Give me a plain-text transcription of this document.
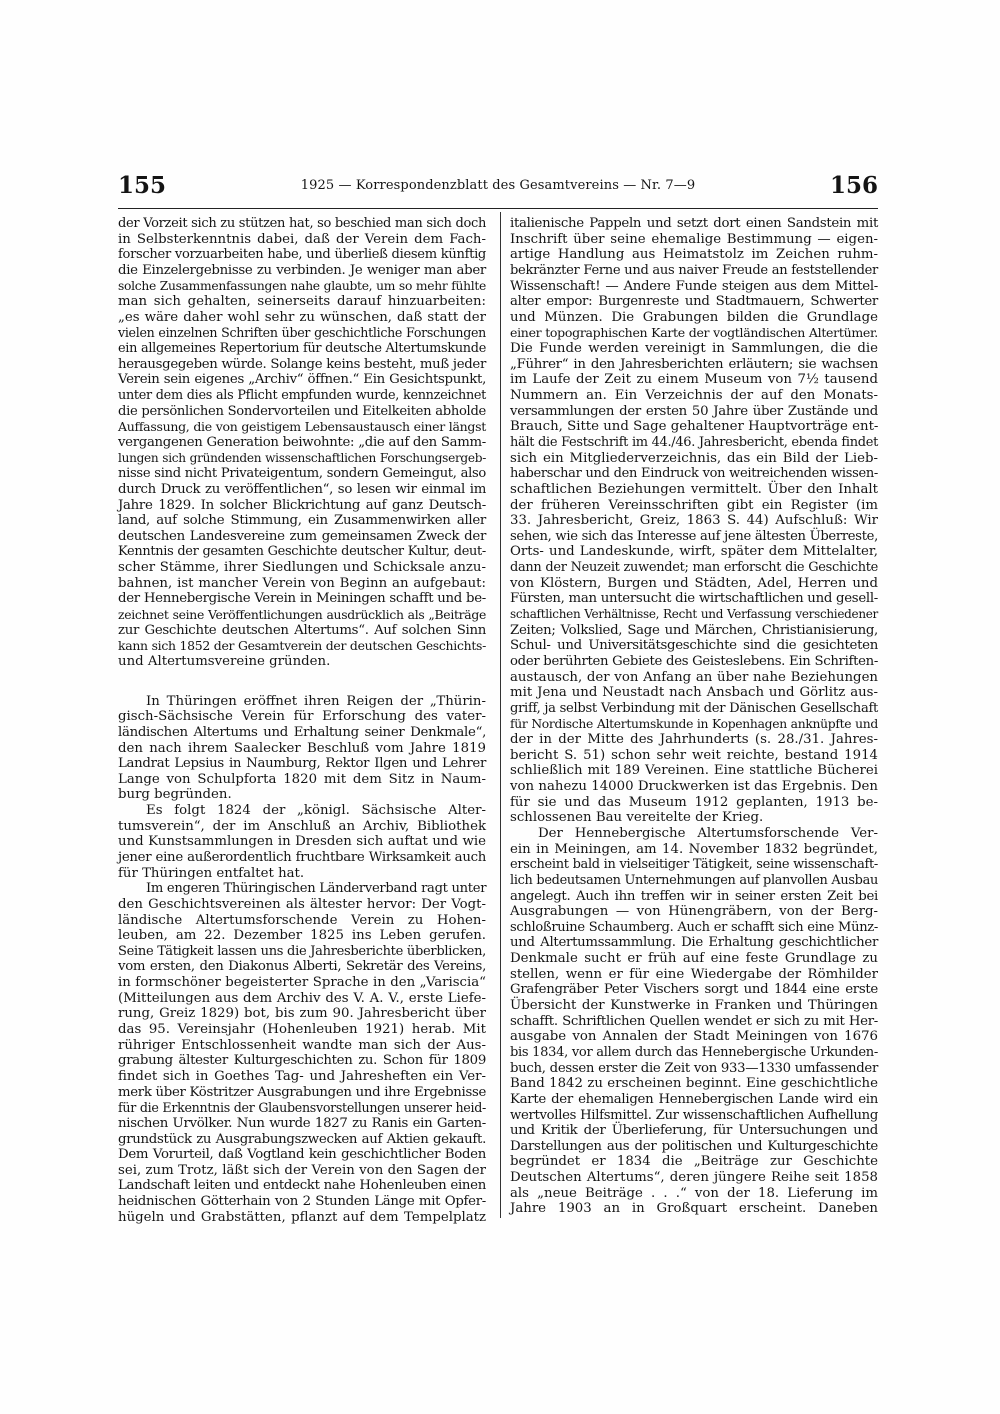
155	1925 — Korrespondenzblatt des Gesamtvereins — Nr. 7—9	156
der Vorzeit sich zu stützen hat, so beschied man sich doch
in Selbsterkenntnis dabei, daß der Verein dem Fach-
forscher vorzuarbeiten habe, und überließ diesem künftig
die Einzelergebnisse zu verbinden. Je weniger man aber
solche Zusammenfassungen nahe glaubte, um so mehr fühlte
man sich gehalten, seinerseits darauf hinzuarbeiten:
„es wäre daher wohl sehr zu wünschen, daß statt der
vielen einzelnen Schriften über geschichtliche Forschungen
ein allgemeines Repertorium für deutsche Altertumskunde
herausgegeben würde. Solange keins besteht, muß jeder
Verein sein eigenes „Archiv“ öffnen.“ Ein Gesichtspunkt,
unter dem dies als Pflicht empfunden wurde, kennzeichnet
die persönlichen Sondervorteilen und Eitelkeiten abholde
Auffassung, die von geistigem Lebensaustausch einer längst
vergangenen Generation beiwohnte: „die auf den Samm-
lungen sich gründenden wissenschaftlichen Forschungsergeb-
nisse sind nicht Privateigentum, sondern Gemeingut, also
durch Druck zu veröffentlichen“, so lesen wir einmal im
Jahre 1829. In solcher Blickrichtung auf ganz Deutsch-
land, auf solche Stimmung, ein Zusammenwirken aller
deutschen Landesvereine zum gemeinsamen Zweck der
Kenntnis der gesamten Geschichte deutscher Kultur, deut-
scher Stämme, ihrer Siedlungen und Schicksale anzu-
bahnen, ist mancher Verein von Beginn an aufgebaut:
der Hennebergische Verein in Meiningen schafft und be-
zeichnet seine Veröffentlichungen ausdrücklich als „Beiträge
zur Geschichte deutschen Altertums“. Auf solchen Sinn
kann sich 1852 der Gesamtverein der deutschen Geschichts-
und Altertumsvereine gründen.
In Thüringen eröffnet ihren Reigen der „Thürin-
gisch-Sächsische Verein für Erforschung des vater-
ländischen Altertums und Erhaltung seiner Denkmale“,
den nach ihrem Saalecker Beschluß vom Jahre 1819
Landrat Lepsius in Naumburg, Rektor Ilgen und Lehrer
Lange von Schulpforta 1820 mit dem Sitz in Naum-
burg begründen.
Es folgt 1824 der „königl. Sächsische Alter-
tumsverein“, der im Anschluß an Archiv, Bibliothek
und Kunstsammlungen in Dresden sich auftat und wie
jener eine außerordentlich fruchtbare Wirksamkeit auch
für Thüringen entfaltet hat.
Im engeren Thüringischen Länderverband ragt unter
den Geschichtsvereinen als ältester hervor: Der Vogt-
ländische Altertumsforschende Verein zu Hohen-
leuben, am 22. Dezember 1825 ins Leben gerufen.
Seine Tätigkeit lassen uns die Jahresberichte überblicken,
vom ersten, den Diakonus Alberti, Sekretär des Vereins,
in formschöner begeisterter Sprache in den „Variscia“
(Mitteilungen aus dem Archiv des V. A. V., erste Liefe-
rung, Greiz 1829) bot, bis zum 90. Jahresbericht über
das 95. Vereinsjahr (Hohenleuben 1921) herab. Mit
rühriger Entschlossenheit wandte man sich der Aus-
grabung ältester Kulturgeschichten zu. Schon für 1809
findet sich in Goethes Tag- und Jahresheften ein Ver-
merk über Köstritzer Ausgrabungen und ihre Ergebnisse
für die Erkenntnis der Glaubensvorstellungen unserer heid-
nischen Urvölker. Nun wurde 1827 zu Ranis ein Garten-
grundstück zu Ausgrabungszwecken auf Aktien gekauft.
Dem Vorurteil, daß Vogtland kein geschichtlicher Boden
sei, zum Trotz, läßt sich der Verein von den Sagen der
Landschaft leiten und entdeckt nahe Hohenleuben einen
heidnischen Götterhain von 2 Stunden Länge mit Opfer-
hügeln und Grabstätten, pflanzt auf dem Tempelplatz
italienische Pappeln und setzt dort einen Sandstein mit
Inschrift über seine ehemalige Bestimmung — eigen-
artige Handlung aus Heimatstolz im Zeichen ruhm-
bekränzter Ferne und aus naiver Freude an feststellender
Wissenschaft! — Andere Funde steigen aus dem Mittel-
alter empor: Burgenreste und Stadtmauern, Schwerter
und Münzen. Die Grabungen bilden die Grundlage
einer topographischen Karte der vogtländischen Altertümer.
Die Funde werden vereinigt in Sammlungen, die die
„Führer“ in den Jahresberichten erläutern; sie wachsen
im Laufe der Zeit zu einem Museum von 7½ tausend
Nummern an. Ein Verzeichnis der auf den Monats-
versammlungen der ersten 50 Jahre über Zustände und
Brauch, Sitte und Sage gehaltener Hauptvorträge ent-
hält die Festschrift im 44./46. Jahresbericht, ebenda findet
sich ein Mitgliederverzeichnis, das ein Bild der Lieb-
haberschar und den Eindruck von weitreichenden wissen-
schaftlichen Beziehungen vermittelt. Über den Inhalt
der früheren Vereinsschriften gibt ein Register (im
33. Jahresbericht, Greiz, 1863 S. 44) Aufschluß: Wir
sehen, wie sich das Interesse auf jene ältesten Überreste,
Orts- und Landeskunde, wirft, später dem Mittelalter,
dann der Neuzeit zuwendet; man erforscht die Geschichte
von Klöstern, Burgen und Städten, Adel, Herren und
Fürsten, man untersucht die wirtschaftlichen und gesell-
schaftlichen Verhältnisse, Recht und Verfassung verschiedener
Zeiten; Volkslied, Sage und Märchen, Christianisierung,
Schul- und Universitätsgeschichte sind die gesichteten
oder berührten Gebiete des Geisteslebens. Ein Schriften-
austausch, der von Anfang an über nahe Beziehungen
mit Jena und Neustadt nach Ansbach und Görlitz aus-
griff, ja selbst Verbindung mit der Dänischen Gesellschaft
für Nordische Altertumskunde in Kopenhagen anknüpfte und
der in der Mitte des Jahrhunderts (s. 28./31. Jahres-
bericht S. 51) schon sehr weit reichte, bestand 1914
schließlich mit 189 Vereinen. Eine stattliche Bücherei
von nahezu 14000 Druckwerken ist das Ergebnis. Den
für sie und das Museum 1912 geplanten, 1913 be-
schlossenen Bau vereitelte der Krieg.
Der Hennebergische Altertumsforschende Ver-
ein in Meiningen, am 14. November 1832 begründet,
erscheint bald in vielseitiger Tätigkeit, seine wissenschaft-
lich bedeutsamen Unternehmungen auf planvollen Ausbau
angelegt. Auch ihn treffen wir in seiner ersten Zeit bei
Ausgrabungen — von Hünengräbern, von der Berg-
schloßruine Schaumberg. Auch er schafft sich eine Münz-
und Altertumssammlung. Die Erhaltung geschichtlicher
Denkmale sucht er früh auf eine feste Grundlage zu
stellen, wenn er für eine Wiedergabe der Römhilder
Grafengräber Peter Vischers sorgt und 1844 eine erste
Übersicht der Kunstwerke in Franken und Thüringen
schafft. Schriftlichen Quellen wendet er sich zu mit Her-
ausgabe von Annalen der Stadt Meiningen von 1676
bis 1834, vor allem durch das Hennebergische Urkunden-
buch, dessen erster die Zeit von 933—1330 umfassender
Band 1842 zu erscheinen beginnt. Eine geschichtliche
Karte der ehemaligen Hennebergischen Lande wird ein
wertvolles Hilfsmittel. Zur wissenschaftlichen Aufhellung
und Kritik der Überlieferung, für Untersuchungen und
Darstellungen aus der politischen und Kulturgeschichte
begründet er 1834 die „Beiträge zur Geschichte
Deutschen Altertums“, deren jüngere Reihe seit 1858
als „neue Beiträge . . .“ von der 18. Lieferung im
Jahre 1903 an in Großquart erscheint. Daneben
